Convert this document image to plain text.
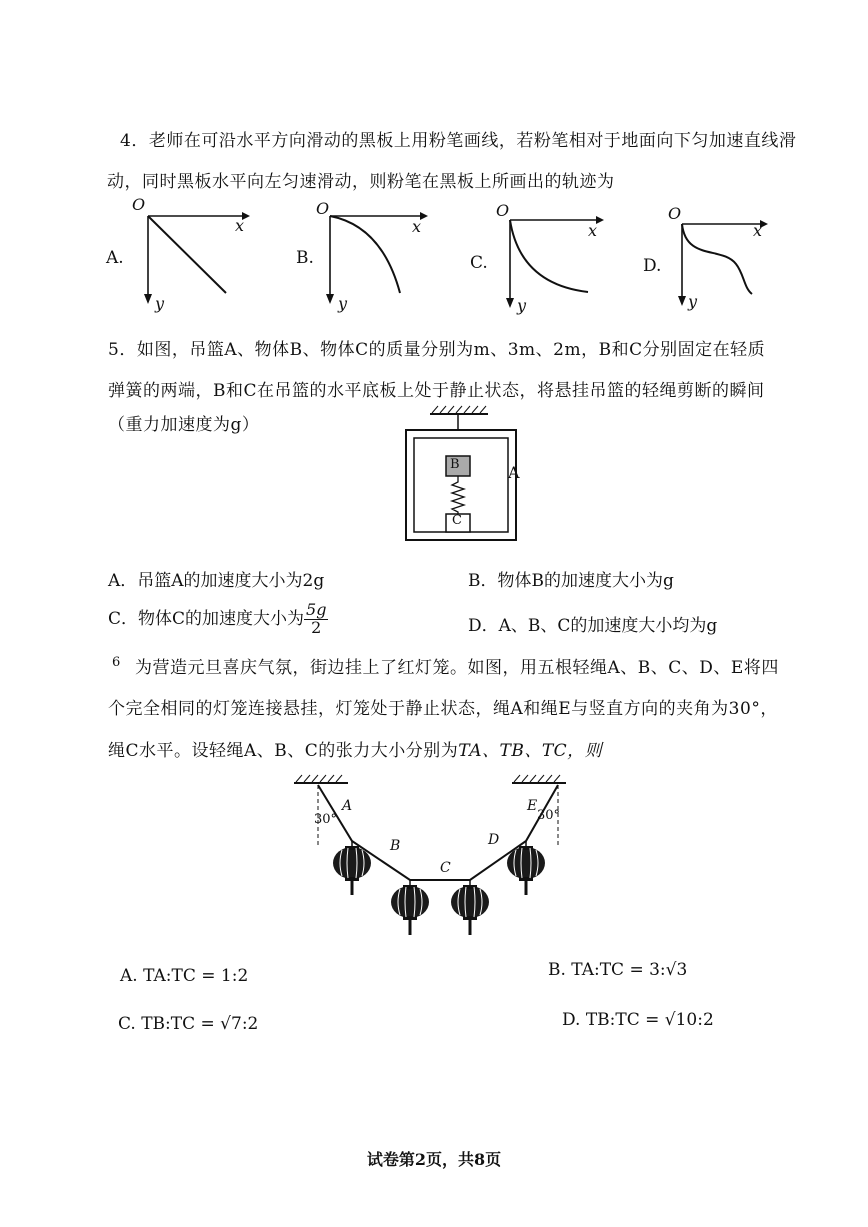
4．老师在可沿水平方向滑动的黑板上用粉笔画线，若粉笔相对于地面向下匀加速直线滑
动，同时黑板水平向左匀速滑动，则粉笔在黑板上所画出的轨迹为
A.
O
x
y
B.
O
x
y
C.
O
x
y
D.
O
x
y
5．如图，吊篮A、物体B、物体C的质量分别为m、3m、2m，B和C分别固定在轻质
弹簧的两端，B和C在吊篮的水平底板上处于静止状态，将悬挂吊篮的轻绳剪断的瞬间
（重力加速度为g）
B
C
A
A．吊篮A的加速度大小为2g	B．物体B的加速度大小为g
C．物体C的加速度大小为 $\frac{5g}{2}$	D．A、B、C的加速度大小均为g
6 为营造元旦喜庆气氛，街边挂上了红灯笼。如图，用五根轻绳A、B、C、D、E将四
个完全相同的灯笼连接悬挂，灯笼处于静止状态，绳A和绳E与竖直方向的夹角为30°，
绳C水平。设轻绳A、B、C的张力大小分别为TA、TB、TC，则
A
B
C
D
E
30°	30°
A. TA:TC = 1:2	B. TA:TC = 3:√3
C. TB:TC = √7:2	D. TB:TC = √10:2
试卷第2页，共8页
